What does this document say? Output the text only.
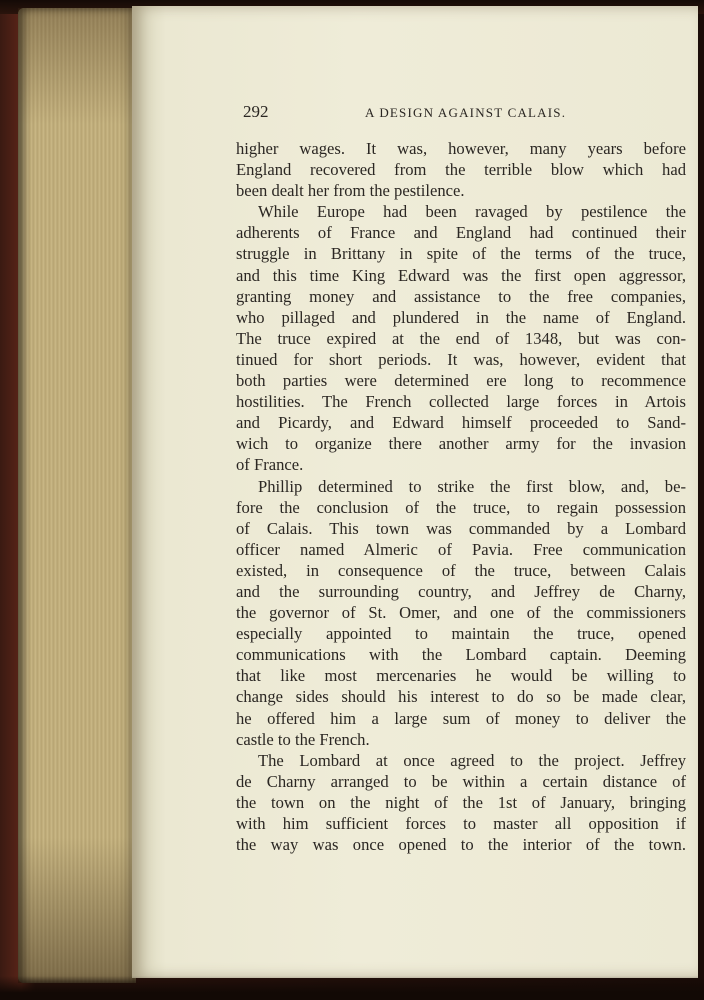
292	A DESIGN AGAINST CALAIS.

higher wages. It was, however, many years before
England recovered from the terrible blow which had
been dealt her from the pestilence.

While Europe had been ravaged by pestilence the
adherents of France and England had continued their
struggle in Brittany in spite of the terms of the truce,
and this time King Edward was the first open aggressor,
granting money and assistance to the free companies,
who pillaged and plundered in the name of England.
The truce expired at the end of 1348, but was con-
tinued for short periods. It was, however, evident that
both parties were determined ere long to recommence
hostilities. The French collected large forces in Artois
and Picardy, and Edward himself proceeded to Sand-
wich to organize there another army for the invasion
of France.

Phillip determined to strike the first blow, and, be-
fore the conclusion of the truce, to regain possession
of Calais. This town was commanded by a Lombard
officer named Almeric of Pavia. Free communication
existed, in consequence of the truce, between Calais
and the surrounding country, and Jeffrey de Charny,
the governor of St. Omer, and one of the commissioners
especially appointed to maintain the truce, opened
communications with the Lombard captain. Deeming
that like most mercenaries he would be willing to
change sides should his interest to do so be made clear,
he offered him a large sum of money to deliver the
castle to the French.

The Lombard at once agreed to the project. Jeffrey
de Charny arranged to be within a certain distance of
the town on the night of the 1st of January, bringing
with him sufficient forces to master all opposition if
the way was once opened to the interior of the town.
